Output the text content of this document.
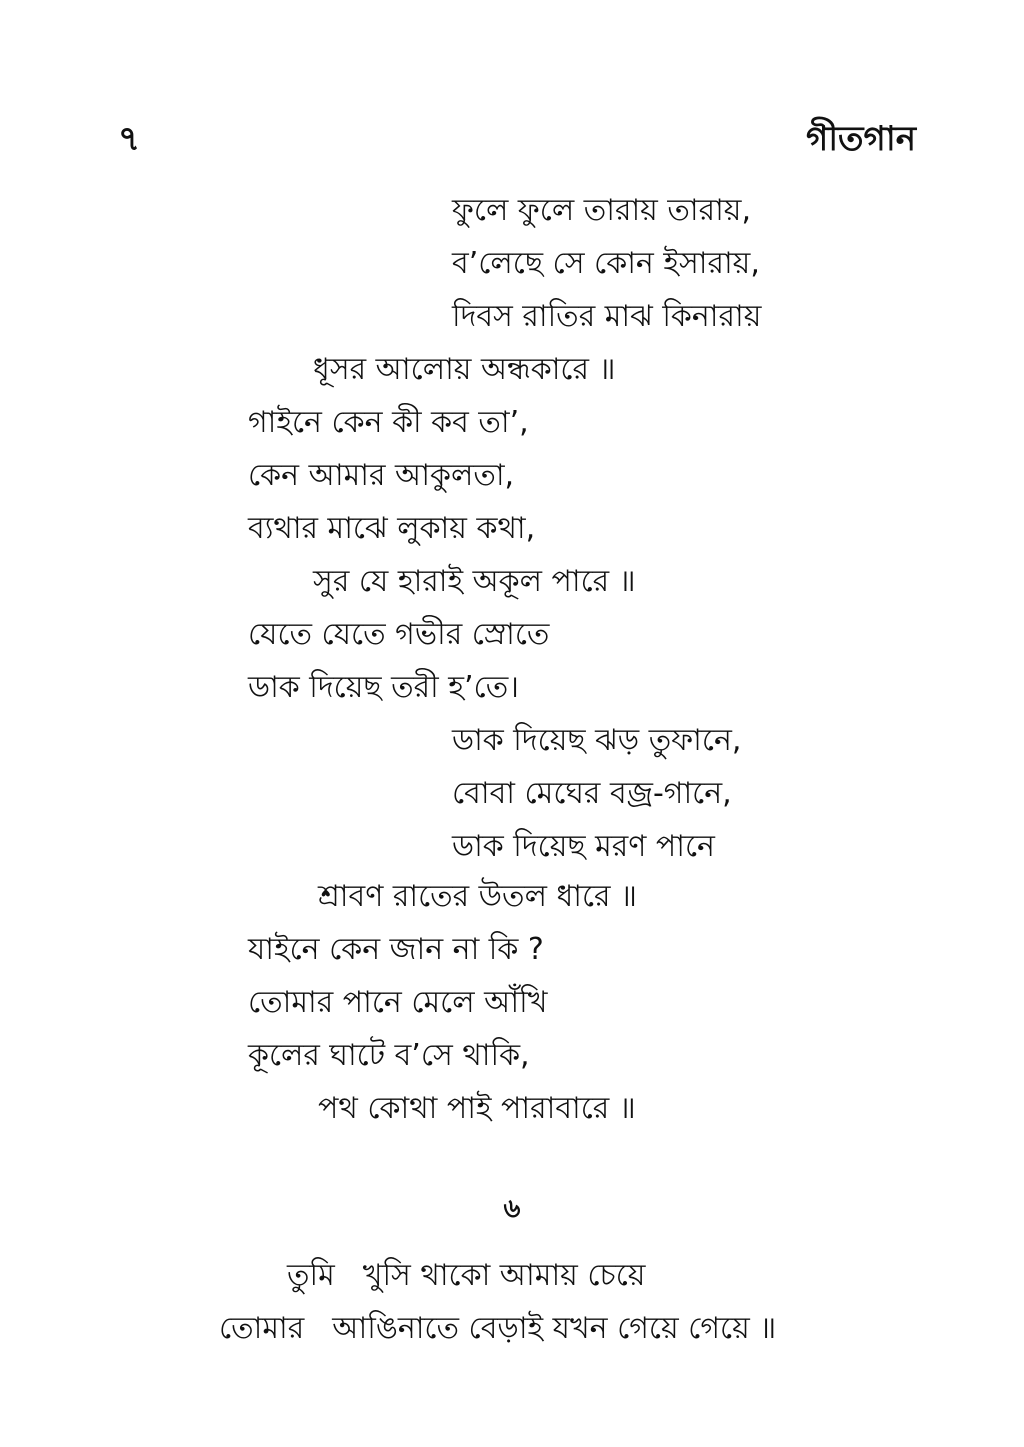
৭	গীতগান
ফুলে ফুলে তারায় তারায়,
ব’লেছে সে কোন ইসারায়,
দিবস রাতির মাঝ কিনারায়
ধূসর আলোয় অন্ধকারে ॥
গাইনে কেন কী কব তা’,
কেন আমার আকুলতা,
ব্যথার মাঝে লুকায় কথা,
সুর যে হারাই অকূল পারে ॥
যেতে যেতে গভীর স্রোতে
ডাক দিয়েছ তরী হ’তে।
ডাক দিয়েছ ঝড় তুফানে,
বোবা মেঘের বজ্র-গানে,
ডাক দিয়েছ মরণ পানে
শ্রাবণ রাতের উতল ধারে ॥
যাইনে কেন জান না কি ?
তোমার পানে মেলে আঁখি
কূলের ঘাটে ব’সে থাকি,
পথ কোথা পাই পারাবারে ॥
৬
তুমি খুসি থাকো আমায় চেয়ে
তোমার আঙিনাতে বেড়াই যখন গেয়ে গেয়ে ॥
